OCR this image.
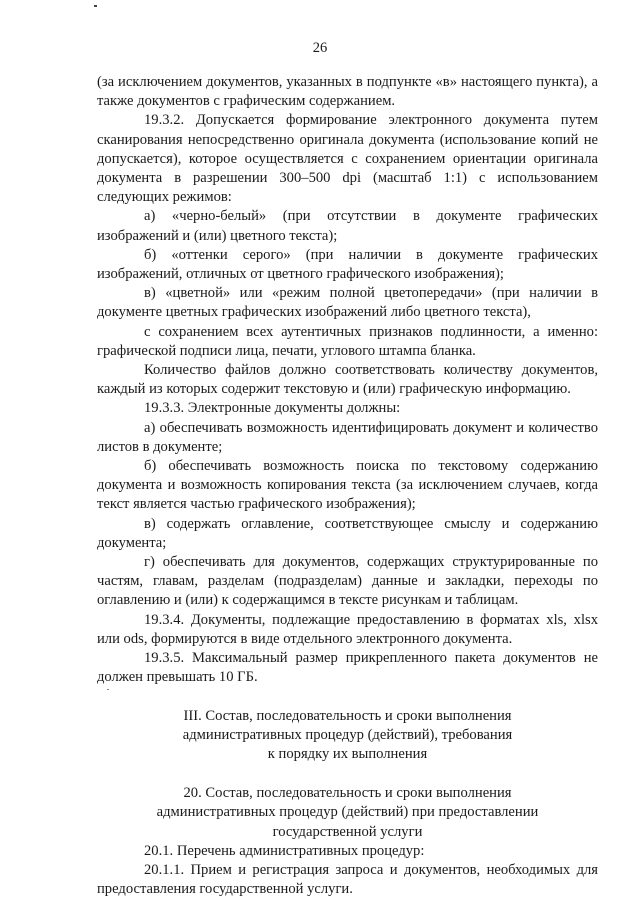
26

(за исключением документов, указанных в подпункте «в» настоящего пункта), а также документов с графическим содержанием.

19.3.2. Допускается формирование электронного документа путем сканирования непосредственно оригинала документа (использование копий не допускается), которое осуществляется с сохранением ориентации оригинала документа в разрешении 300–500 dpi (масштаб 1:1) с использованием следующих режимов:

а) «черно-белый» (при отсутствии в документе графических изображений и (или) цветного текста);

б) «оттенки серого» (при наличии в документе графических изображений, отличных от цветного графического изображения);

в) «цветной» или «режим полной цветопередачи» (при наличии в документе цветных графических изображений либо цветного текста),

с сохранением всех аутентичных признаков подлинности, а именно: графической подписи лица, печати, углового штампа бланка.

Количество файлов должно соответствовать количеству документов, каждый из которых содержит текстовую и (или) графическую информацию.

19.3.3. Электронные документы должны:

а) обеспечивать возможность идентифицировать документ и количество листов в документе;

б) обеспечивать возможность поиска по текстовому содержанию документа и возможность копирования текста (за исключением случаев, когда текст является частью графического изображения);

в) содержать оглавление, соответствующее смыслу и содержанию документа;

г) обеспечивать для документов, содержащих структурированные по частям, главам, разделам (подразделам) данные и закладки, переходы по оглавлению и (или) к содержащимся в тексте рисункам и таблицам.

19.3.4. Документы, подлежащие предоставлению в форматах xls, xlsx или ods, формируются в виде отдельного электронного документа.

19.3.5. Максимальный размер прикрепленного пакета документов не должен превышать 10 ГБ.

III. Состав, последовательность и сроки выполнения

административных процедур (действий), требования

к порядку их выполнения

20. Состав, последовательность и сроки выполнения

административных процедур (действий) при предоставлении

государственной услуги

20.1. Перечень административных процедур:

20.1.1. Прием и регистрация запроса и документов, необходимых для предоставления государственной услуги.
